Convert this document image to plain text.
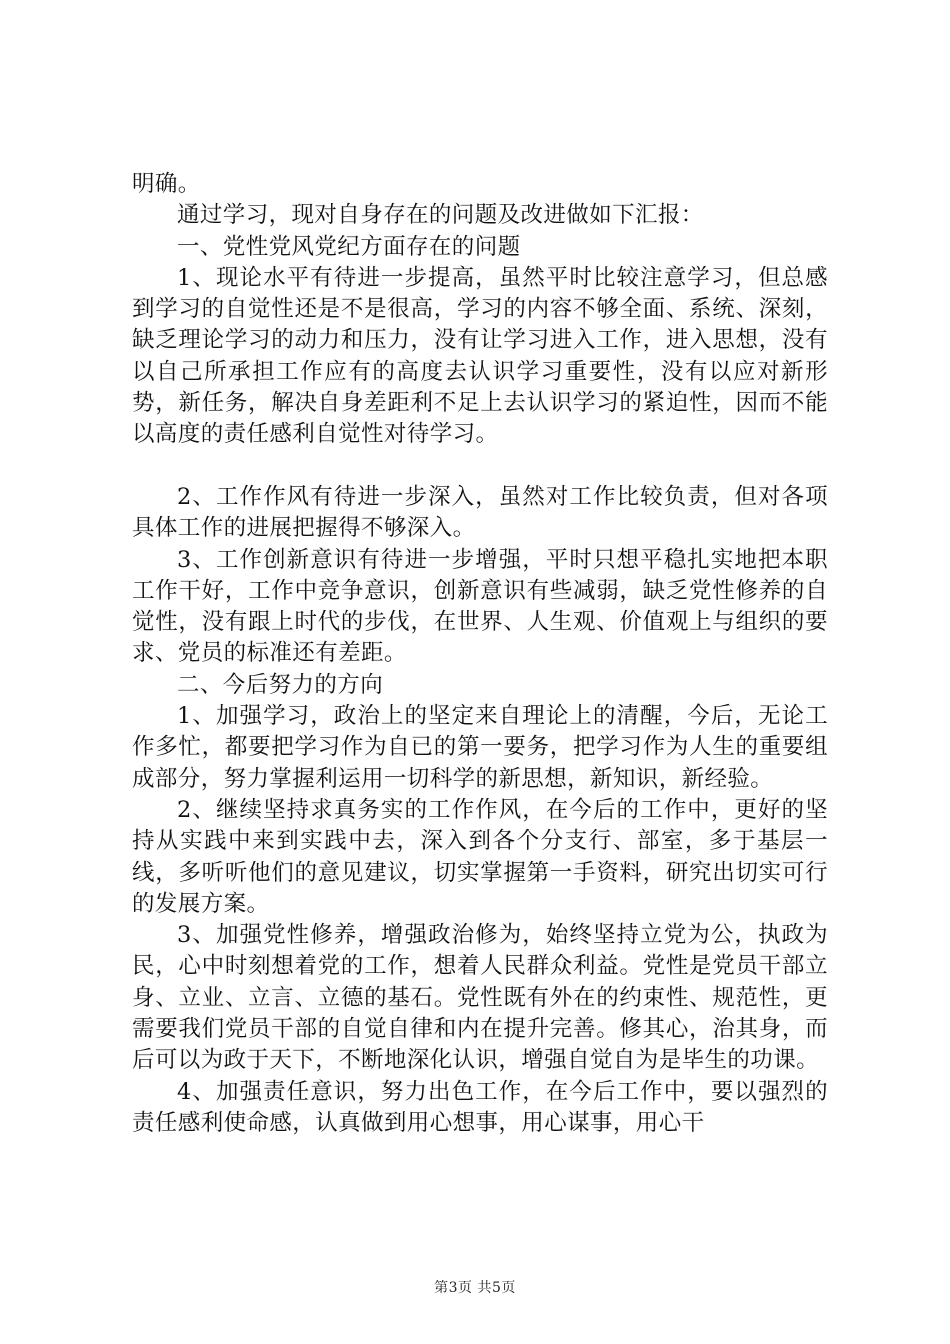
明确。

通过学习，现对自身存在的问题及改进做如下汇报：

一、党性党风党纪方面存在的问题

1、现论水平有待进一步提高，虽然平时比较注意学习，但总感到学习的自觉性还是不是很高，学习的内容不够全面、系统、深刻，缺乏理论学习的动力和压力，没有让学习进入工作，进入思想，没有以自己所承担工作应有的高度去认识学习重要性，没有以应对新形势，新任务，解决自身差距利不足上去认识学习的紧迫性，因而不能以高度的责任感利自觉性对待学习。

2、工作作风有待进一步深入，虽然对工作比较负责，但对各项具体工作的进展把握得不够深入。

3、工作创新意识有待进一步增强，平时只想平稳扎实地把本职工作干好，工作中竞争意识，创新意识有些减弱，缺乏党性修养的自觉性，没有跟上时代的步伐，在世界、人生观、价值观上与组织的要求、党员的标准还有差距。

二、今后努力的方向

1、加强学习，政治上的坚定来自理论上的清醒，今后，无论工作多忙，都要把学习作为自已的第一要务，把学习作为人生的重要组成部分，努力掌握利运用一切科学的新思想，新知识，新经验。

2、继续坚持求真务实的工作作风，在今后的工作中，更好的坚持从实践中来到实践中去，深入到各个分支行、部室，多于基层一线，多听听他们的意见建议，切实掌握第一手资料，研究出切实可行的发展方案。

3、加强党性修养，增强政治修为，始终坚持立党为公，执政为民，心中时刻想着党的工作，想着人民群众利益。党性是党员干部立身、立业、立言、立德的基石。党性既有外在的约束性、规范性，更需要我们党员干部的自觉自律和内在提升完善。修其心，治其身，而后可以为政于天下，不断地深化认识，增强自觉自为是毕生的功课。

4、加强责任意识，努力出色工作，在今后工作中，要以强烈的责任感利使命感，认真做到用心想事，用心谋事，用心干

第3页 共5页
